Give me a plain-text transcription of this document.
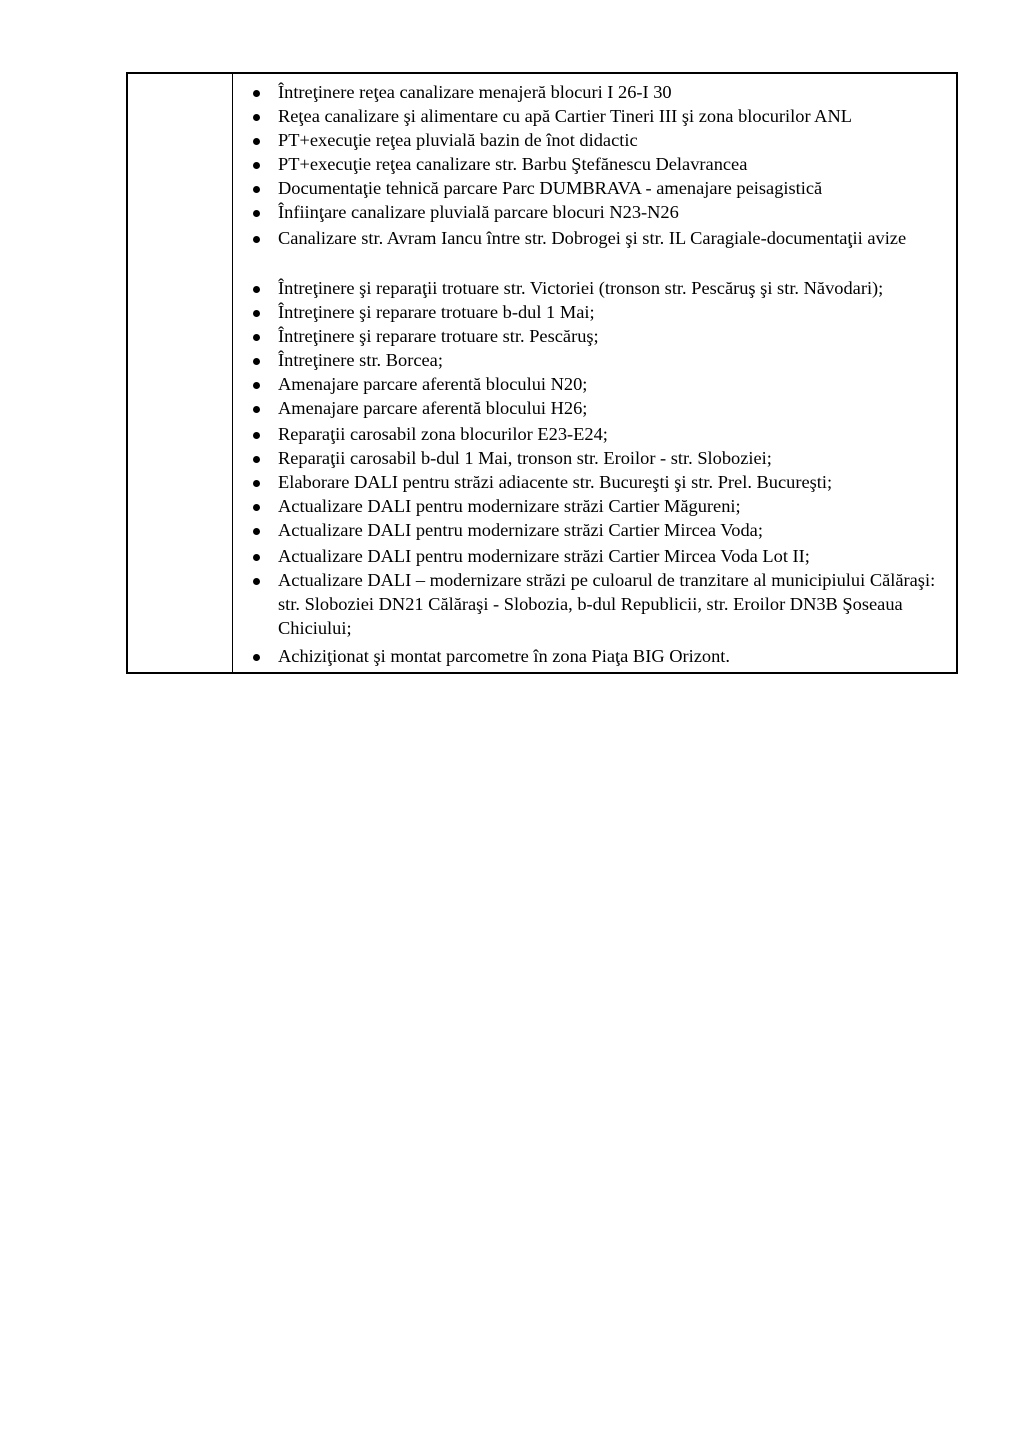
Întreţinere reţea canalizare menajeră blocuri I 26-I 30
Reţea canalizare şi alimentare cu apă Cartier Tineri III şi zona blocurilor ANL
PT+execuţie reţea pluvială bazin de înot didactic
PT+execuţie reţea canalizare str. Barbu Ştefănescu Delavrancea
Documentaţie tehnică parcare Parc DUMBRAVA - amenajare peisagistică
Înfiinţare canalizare pluvială parcare blocuri N23-N26
Canalizare str. Avram Iancu între str. Dobrogei şi str. IL Caragiale-documentaţii avize
Întreţinere şi reparaţii trotuare str. Victoriei (tronson str. Pescăruş şi str. Năvodari);
Întreţinere şi reparare trotuare b-dul 1 Mai;
Întreţinere şi reparare trotuare str. Pescăruş;
Întreţinere str. Borcea;
Amenajare parcare aferentă blocului N20;
Amenajare parcare aferentă blocului H26;
Reparaţii carosabil zona blocurilor E23-E24;
Reparaţii carosabil b-dul 1 Mai, tronson str. Eroilor - str. Sloboziei;
Elaborare DALI pentru străzi adiacente str. Bucureşti şi str. Prel. Bucureşti;
Actualizare DALI pentru modernizare străzi Cartier Măgureni;
Actualizare DALI pentru modernizare străzi Cartier Mircea Voda;
Actualizare DALI pentru modernizare străzi Cartier Mircea Voda Lot II;
Actualizare DALI – modernizare străzi pe culoarul de tranzitare al municipiului Călăraşi: str. Sloboziei DN21 Călăraşi - Slobozia, b-dul Republicii, str. Eroilor DN3B Şoseaua Chiciului;
Achiziţionat şi montat parcometre în zona Piaţa BIG Orizont.
